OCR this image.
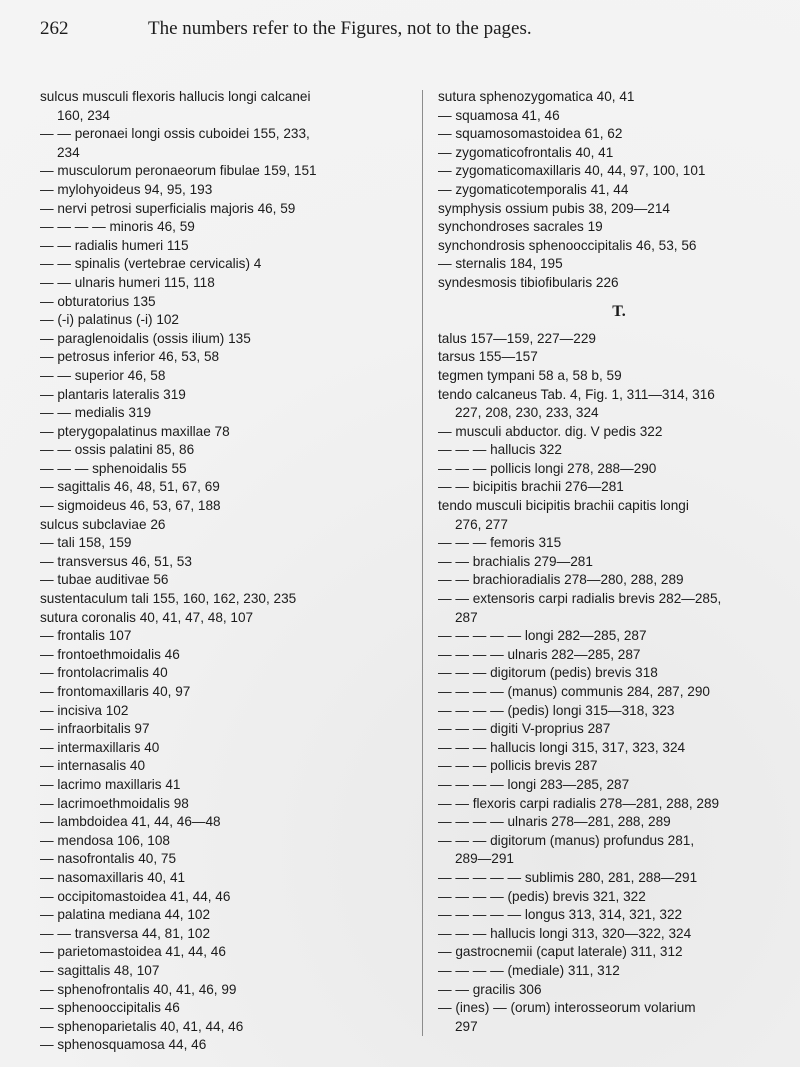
262	The numbers refer to the Figures, not to the pages.
sulcus musculi flexoris hallucis longi calcanei
160, 234
— — peronaei longi ossis cuboidei 155, 233,
234
— musculorum peronaeorum fibulae 159, 151
— mylohyoideus 94, 95, 193
— nervi petrosi superficialis majoris 46, 59
— — — — minoris 46, 59
— — radialis humeri 115
— — spinalis (vertebrae cervicalis) 4
— — ulnaris humeri 115, 118
— obturatorius 135
— (-i) palatinus (-i) 102
— paraglenoidalis (ossis ilium) 135
— petrosus inferior 46, 53, 58
— — superior 46, 58
— plantaris lateralis 319
— — medialis 319
— pterygopalatinus maxillae 78
— — ossis palatini 85, 86
— — — sphenoidalis 55
— sagittalis 46, 48, 51, 67, 69
— sigmoideus 46, 53, 67, 188
sulcus subclaviae 26
— tali 158, 159
— transversus 46, 51, 53
— tubae auditivae 56
sustentaculum tali 155, 160, 162, 230, 235
sutura coronalis 40, 41, 47, 48, 107
— frontalis 107
— frontoethmoidalis 46
— frontolacrimalis 40
— frontomaxillaris 40, 97
— incisiva 102
— infraorbitalis 97
— intermaxillaris 40
— internasalis 40
— lacrimo maxillaris 41
— lacrimoethmoidalis 98
— lambdoidea 41, 44, 46—48
— mendosa 106, 108
— nasofrontalis 40, 75
— nasomaxillaris 40, 41
— occipitomastoidea 41, 44, 46
— palatina mediana 44, 102
— — transversa 44, 81, 102
— parietomastoidea 41, 44, 46
— sagittalis 48, 107
— sphenofrontalis 40, 41, 46, 99
— sphenooccipitalis 46
— sphenoparietalis 40, 41, 44, 46
— sphenosquamosa 44, 46
sutura sphenozygomatica 40, 41
— squamosa 41, 46
— squamosomastoidea 61, 62
— zygomaticofrontalis 40, 41
— zygomaticomaxillaris 40, 44, 97, 100, 101
— zygomaticotemporalis 41, 44
symphysis ossium pubis 38, 209—214
synchondroses sacrales 19
synchondrosis sphenooccipitalis 46, 53, 56
— sternalis 184, 195
syndesmosis tibiofibularis 226
T.
talus 157—159, 227—229
tarsus 155—157
tegmen tympani 58 a, 58 b, 59
tendo calcaneus Tab. 4, Fig. 1, 311—314, 316
227, 208, 230, 233, 324
— musculi abductor. dig. V pedis 322
— — — hallucis 322
— — — pollicis longi 278, 288—290
— — bicipitis brachii 276—281
tendo musculi bicipitis brachii capitis longi
276, 277
— — — femoris 315
— — brachialis 279—281
— — brachioradialis 278—280, 288, 289
— — extensoris carpi radialis brevis 282—285,
287
— — — — — longi 282—285, 287
— — — — ulnaris 282—285, 287
— — — digitorum (pedis) brevis 318
— — — — (manus) communis 284, 287, 290
— — — — (pedis) longi 315—318, 323
— — — digiti V-proprius 287
— — — hallucis longi 315, 317, 323, 324
— — — pollicis brevis 287
— — — — longi 283—285, 287
— — flexoris carpi radialis 278—281, 288, 289
— — — — ulnaris 278—281, 288, 289
— — — digitorum (manus) profundus 281,
289—291
— — — — — sublimis 280, 281, 288—291
— — — — (pedis) brevis 321, 322
— — — — — longus 313, 314, 321, 322
— — — hallucis longi 313, 320—322, 324
— gastrocnemii (caput laterale) 311, 312
— — — — (mediale) 311, 312
— — gracilis 306
— (ines) — (orum) interosseorum volarium
297
